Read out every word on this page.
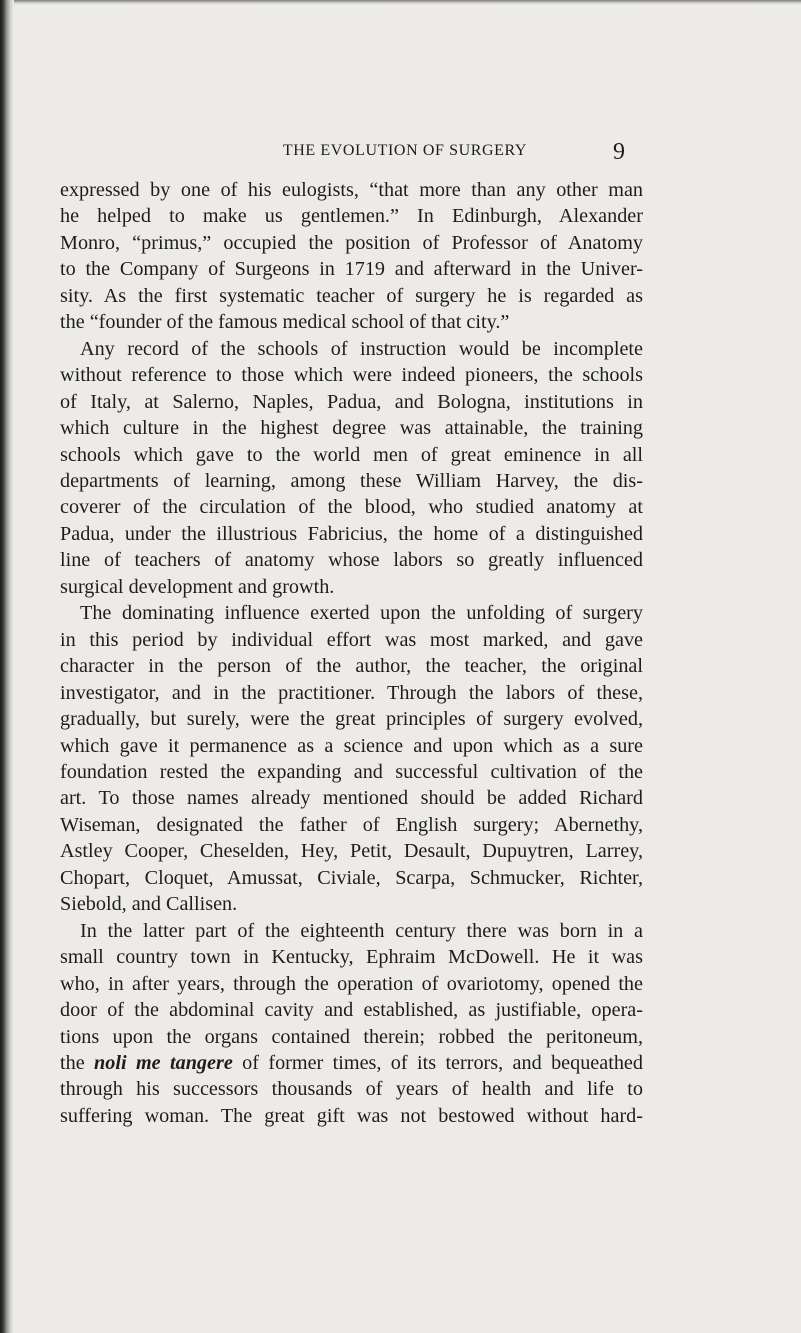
THE EVOLUTION OF SURGERY	9
expressed by one of his eulogists, “that more than any other man
he helped to make us gentlemen.” In Edinburgh, Alexander
Monro, “primus,” occupied the position of Professor of Anatomy
to the Company of Surgeons in 1719 and afterward in the Univer-
sity. As the first systematic teacher of surgery he is regarded as
the “founder of the famous medical school of that city.”
Any record of the schools of instruction would be incomplete
without reference to those which were indeed pioneers, the schools
of Italy, at Salerno, Naples, Padua, and Bologna, institutions in
which culture in the highest degree was attainable, the training
schools which gave to the world men of great eminence in all
departments of learning, among these William Harvey, the dis-
coverer of the circulation of the blood, who studied anatomy at
Padua, under the illustrious Fabricius, the home of a distinguished
line of teachers of anatomy whose labors so greatly influenced
surgical development and growth.
The dominating influence exerted upon the unfolding of surgery
in this period by individual effort was most marked, and gave
character in the person of the author, the teacher, the original
investigator, and in the practitioner. Through the labors of these,
gradually, but surely, were the great principles of surgery evolved,
which gave it permanence as a science and upon which as a sure
foundation rested the expanding and successful cultivation of the
art. To those names already mentioned should be added Richard
Wiseman, designated the father of English surgery; Abernethy,
Astley Cooper, Cheselden, Hey, Petit, Desault, Dupuytren, Larrey,
Chopart, Cloquet, Amussat, Civiale, Scarpa, Schmucker, Richter,
Siebold, and Callisen.
In the latter part of the eighteenth century there was born in a
small country town in Kentucky, Ephraim McDowell. He it was
who, in after years, through the operation of ovariotomy, opened the
door of the abdominal cavity and established, as justifiable, opera-
tions upon the organs contained therein; robbed the peritoneum,
the noli me tangere of former times, of its terrors, and bequeathed
through his successors thousands of years of health and life to
suffering woman. The great gift was not bestowed without hard-
